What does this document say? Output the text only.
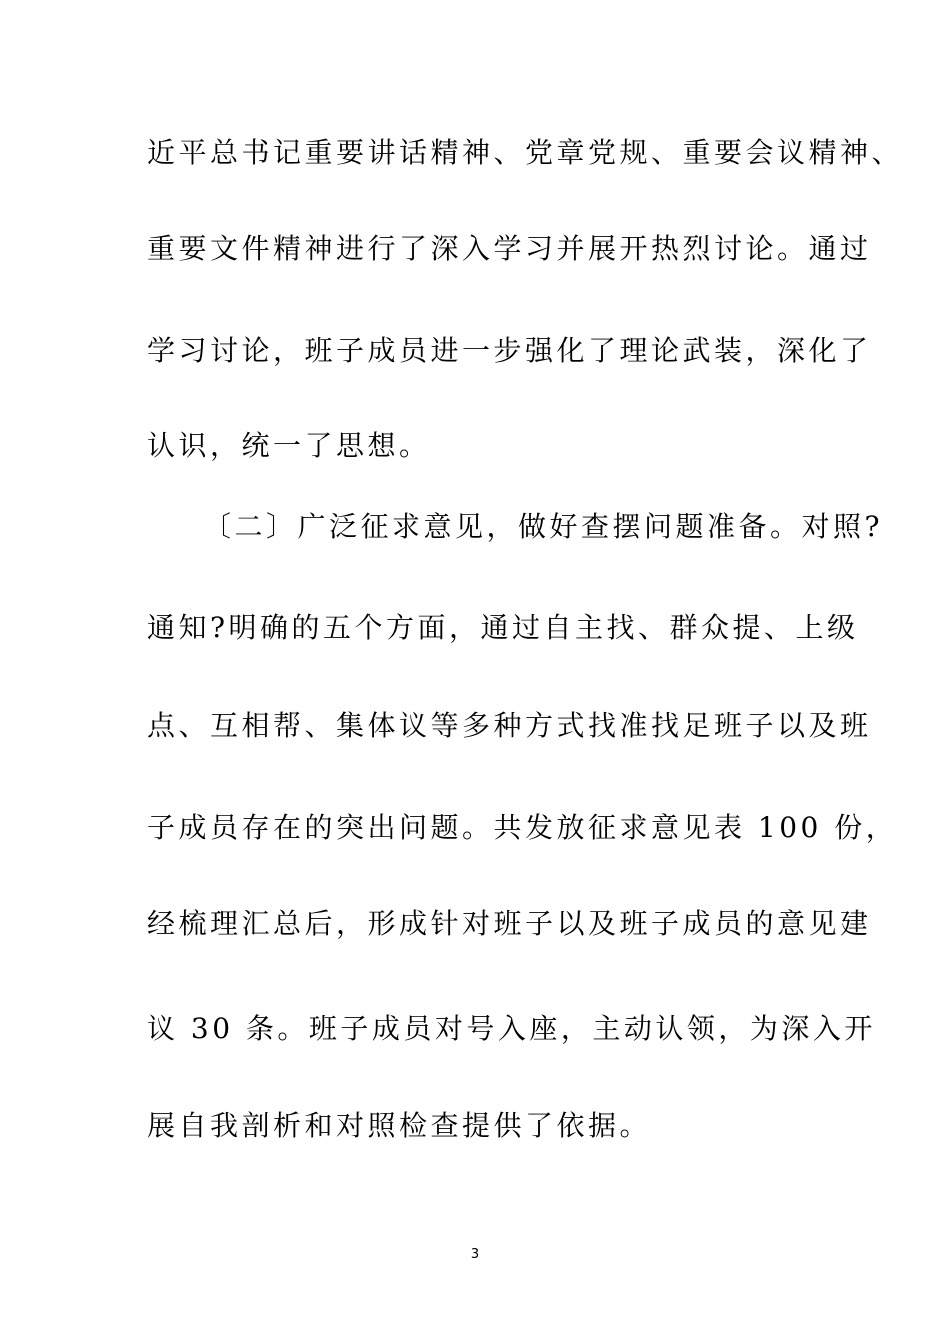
近平总书记重要讲话精神、党章党规、重要会议精神、
重要文件精神进行了深入学习并展开热烈讨论。通过
学习讨论，班子成员进一步强化了理论武装，深化了
认识，统一了思想。
〔二〕广泛征求意见，做好查摆问题准备。对照?
通知?明确的五个方面，通过自主找、群众提、上级
点、互相帮、集体议等多种方式找准找足班子以及班
子成员存在的突出问题。共发放征求意见表 100 份，
经梳理汇总后，形成针对班子以及班子成员的意见建
议 30 条。班子成员对号入座，主动认领，为深入开
展自我剖析和对照检查提供了依据。
3
